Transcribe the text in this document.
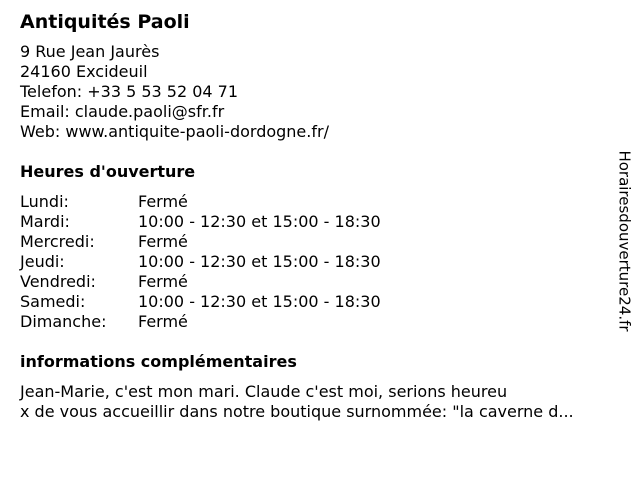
Antiquités Paoli
9 Rue Jean Jaurès
24160 Excideuil
Telefon: +33 5 53 52 04 71
Email: claude.paoli@sfr.fr
Web: www.antiquite-paoli-dordogne.fr/
Heures d'ouverture
Lundi:	Fermé
Mardi:	10:00 - 12:30 et 15:00 - 18:30
Mercredi:	Fermé
Jeudi:	10:00 - 12:30 et 15:00 - 18:30
Vendredi:	Fermé
Samedi:	10:00 - 12:30 et 15:00 - 18:30
Dimanche:	Fermé
informations complémentaires
Jean-Marie, c'est mon mari. Claude c'est moi, serions heureu
x de vous accueillir dans notre boutique surnommée: "la caverne d...
Horairesdouverture24.fr
